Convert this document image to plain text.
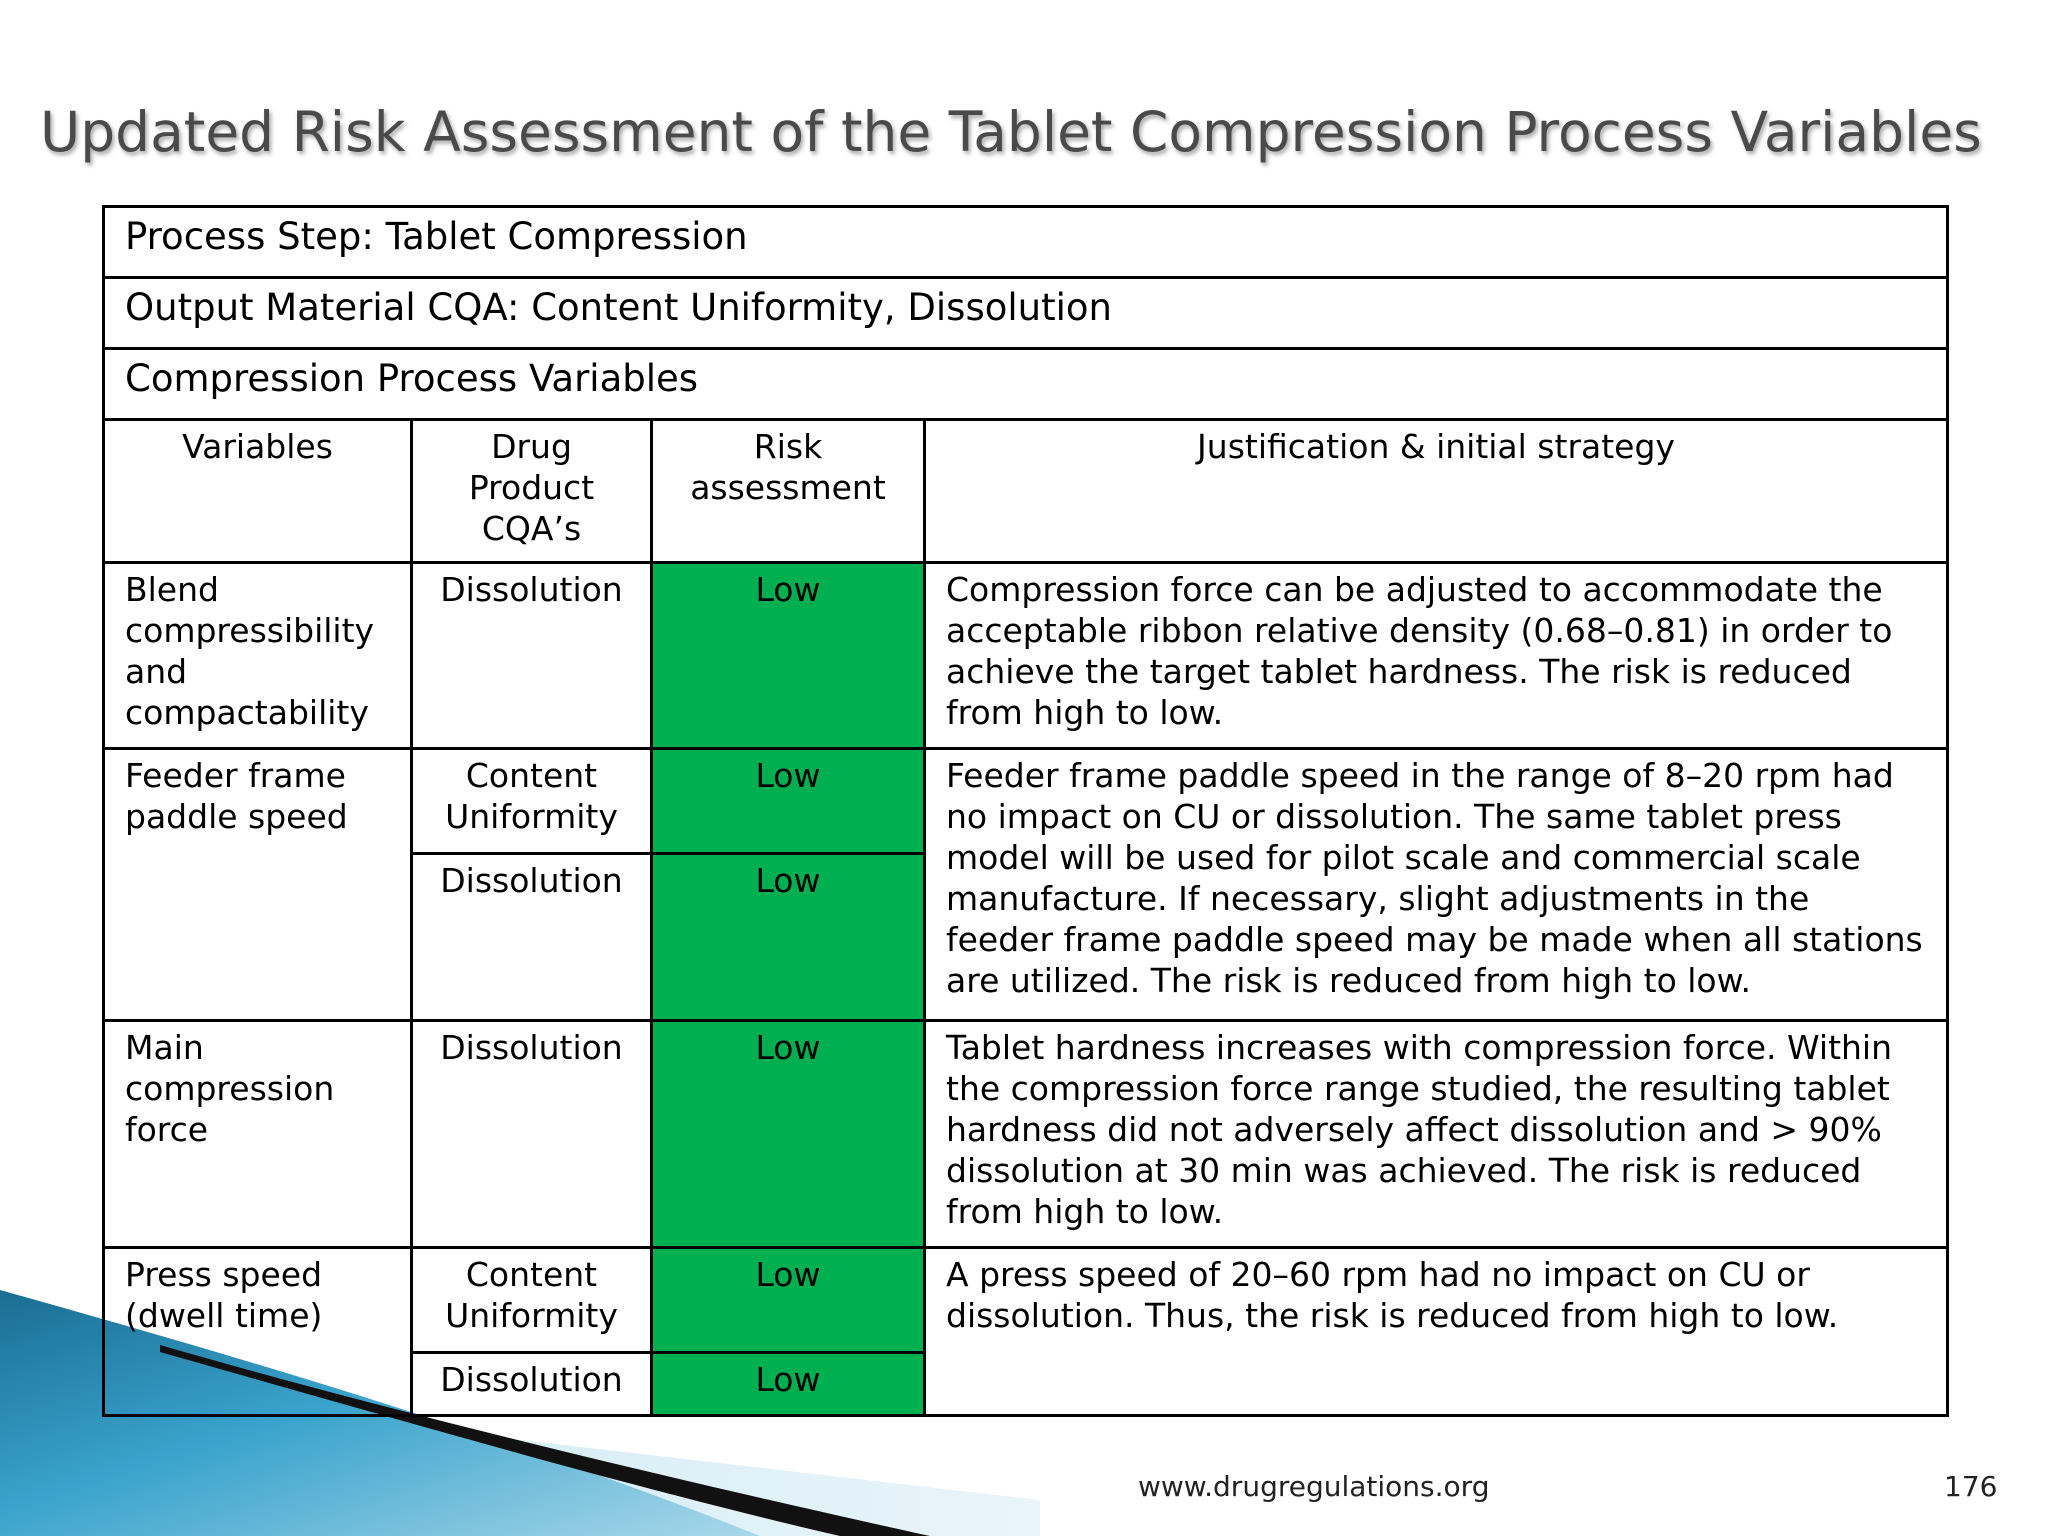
Updated Risk Assessment of the Tablet Compression Process Variables
Process Step: Tablet Compression			
Output Material CQA: Content Uniformity, Dissolution			
Compression Process Variables			
Variables	Drug Product CQA’s	Risk assessment	Justification & initial strategy
Blend compressibility and compactability	Dissolution	Low	Compression force can be adjusted to accommodate the acceptable ribbon relative density (0.68–0.81) in order to achieve the target tablet hardness. The risk is reduced from high to low.
Feeder frame paddle speed	Content Uniformity	Low	Feeder frame paddle speed in the range of 8–20 rpm had no impact on CU or dissolution. The same tablet press model will be used for pilot scale and commercial scale manufacture. If necessary, slight adjustments in the feeder frame paddle speed may be made when all stations are utilized. The risk is reduced from high to low.
	Dissolution	Low	
Main compression force	Dissolution	Low	Tablet hardness increases with compression force. Within the compression force range studied, the resulting tablet hardness did not adversely affect dissolution and > 90% dissolution at 30 min was achieved. The risk is reduced from high to low.
Press speed (dwell time)	Content Uniformity	Low	A press speed of 20–60 rpm had no impact on CU or dissolution. Thus, the risk is reduced from high to low.
	Dissolution	Low	
www.drugregulations.org	176
